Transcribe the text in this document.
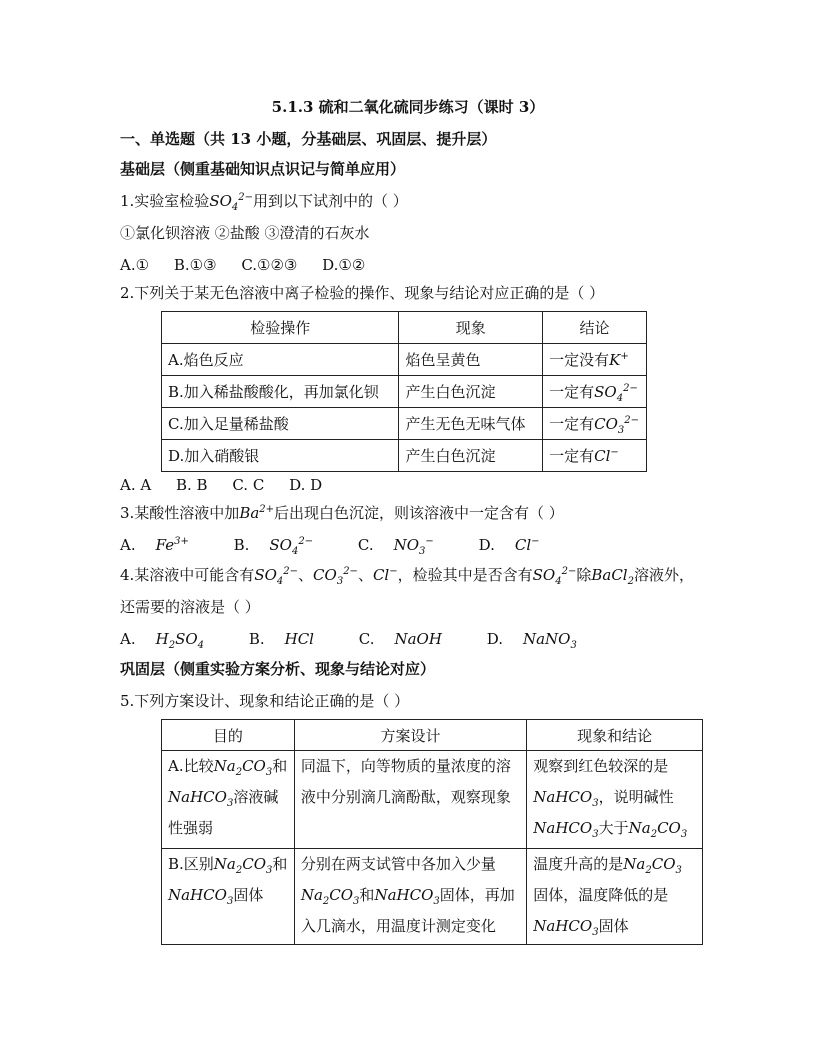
5.1.3 硫和二氧化硫同步练习（课时 3）
一、单选题（共 13 小题，分基础层、巩固层、提升层）
基础层（侧重基础知识点识记与简单应用）
1.实验室检验$SO_4^{2-}$用到以下试剂中的（ ）
①氯化钡溶液 ②盐酸 ③澄清的石灰水
A.① B.①③ C.①②③ D.①②
2.下列关于某无色溶液中离子检验的操作、现象与结论对应正确的是（ ）
检验操作	现象	结论
A.焰色反应	焰色呈黄色	一定没有K+
B.加入稀盐酸酸化，再加氯化钡	产生白色沉淀	一定有$SO_4^{2-}$
C.加入足量稀盐酸	产生无色无味气体	一定有$CO_3^{2-}$
D.加入硝酸银	产生白色沉淀	一定有Cl−
A. A B. B C. C D. D
3.某酸性溶液中加$Ba^{2+}$后出现白色沉淀，则该溶液中一定含有（ ）
A. $Fe^{3+}$	B. $SO_4^{2-}$	C. $NO_3^-$	D. Cl−
4.某溶液中可能含有$SO_4^{2-}$、$CO_3^{2-}$、Cl−，检验其中是否含有$SO_4^{2-}$除BaCl$_2$溶液外，
还需要的溶液是（ ）
A. $H_2SO_4$	B. HCl	C. NaOH	D. NaNO$_3$
巩固层（侧重实验方案分析、现象与结论对应）
5.下列方案设计、现象和结论正确的是（ ）
目的	方案设计	现象和结论
A.比较$Na_2CO_3$和
NaHCO$_3$溶液碱性强弱	同温下，向等物质的量浓度的溶液中分别滴几滴酚酞，观察现象	观察到红色较深的是
NaHCO$_3$，说明碱性
NaHCO$_3$大于$Na_2CO_3$
B.区别$Na_2CO_3$和
NaHCO$_3$固体	分别在两支试管中各加入少量
$Na_2CO_3$和NaHCO$_3$固体，再加入几滴水，用温度计测定变化	温度升高的是$Na_2CO_3$
固体，温度降低的是
NaHCO$_3$固体
